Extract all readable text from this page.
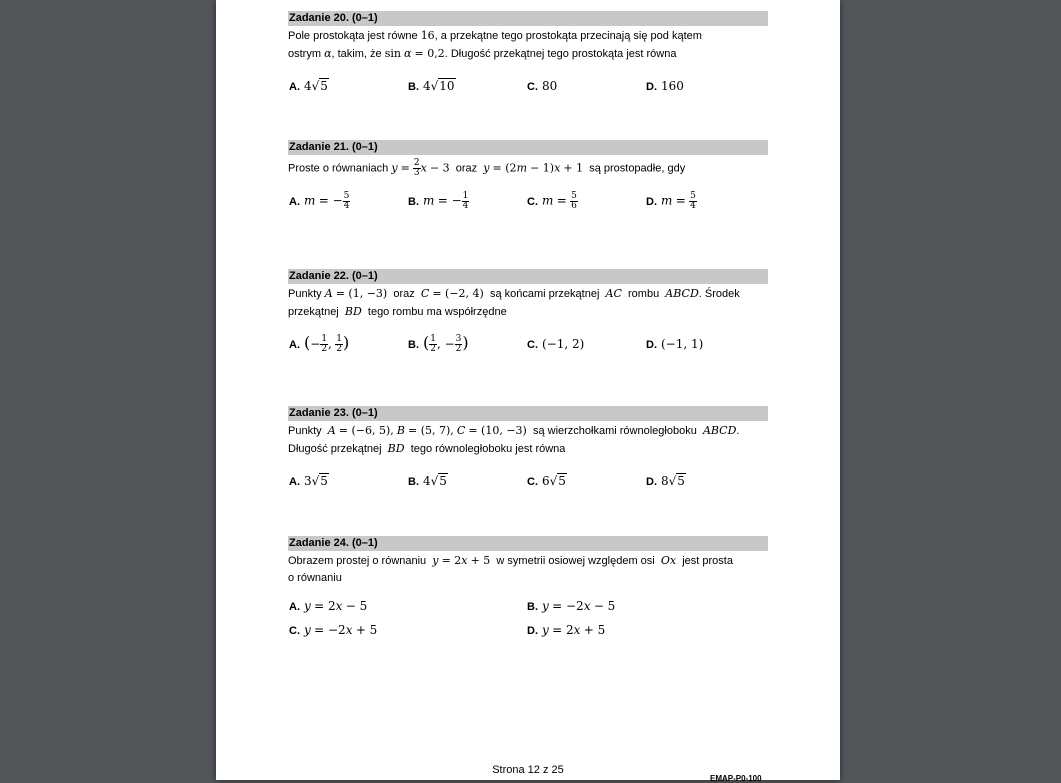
Zadanie 20. (0–1)
Pole prostokąta jest równe 16, a przekątne tego prostokąta przecinają się pod kątem
ostrym α, takim, że sin α = 0,2. Długość przekątnej tego prostokąta jest równa
A. 4√5	B. 4√10	C. 80	D. 160
Zadanie 21. (0–1)
Proste o równaniach $y = \frac{2}{3}$ x − 3  oraz  y = (2m − 1)x + 1  są prostopadłe, gdy
A. m = − $\frac{5}{4}$	B. m = − $\frac{1}{4}$	C. $m = \frac{5}{6}$	D. $m = \frac{5}{4}$
Zadanie 22. (0–1)
Punkty A = (1, −3)  oraz  C = (−2, 4)  są końcami przekątnej  AC  rombu  ABCD. Środek
przekątnej  BD  tego rombu ma współrzędne
A. (− $\frac{1}{2}$ , $\frac{1}{2}$ )	B. ( $\frac{1}{2}$ , − $\frac{3}{2}$ )	C. (−1, 2)	D. (−1, 1)
Zadanie 23. (0–1)
Punkty  A = (−6, 5), B = (5, 7), C = (10, −3)  są wierzchołkami równoległoboku  ABCD.
Długość przekątnej  BD  tego równoległoboku jest równa
A. 3√5	B. 4√5	C. 6√5	D. 8√5
Zadanie 24. (0–1)
Obrazem prostej o równaniu  y = 2x + 5  w symetrii osiowej względem osi  Ox  jest prosta
o równaniu
A. y = 2x − 5	B. y = −2x − 5
C. y = −2x + 5	D. y = 2x + 5
Strona 12 z 25
EMAP-P0-100
